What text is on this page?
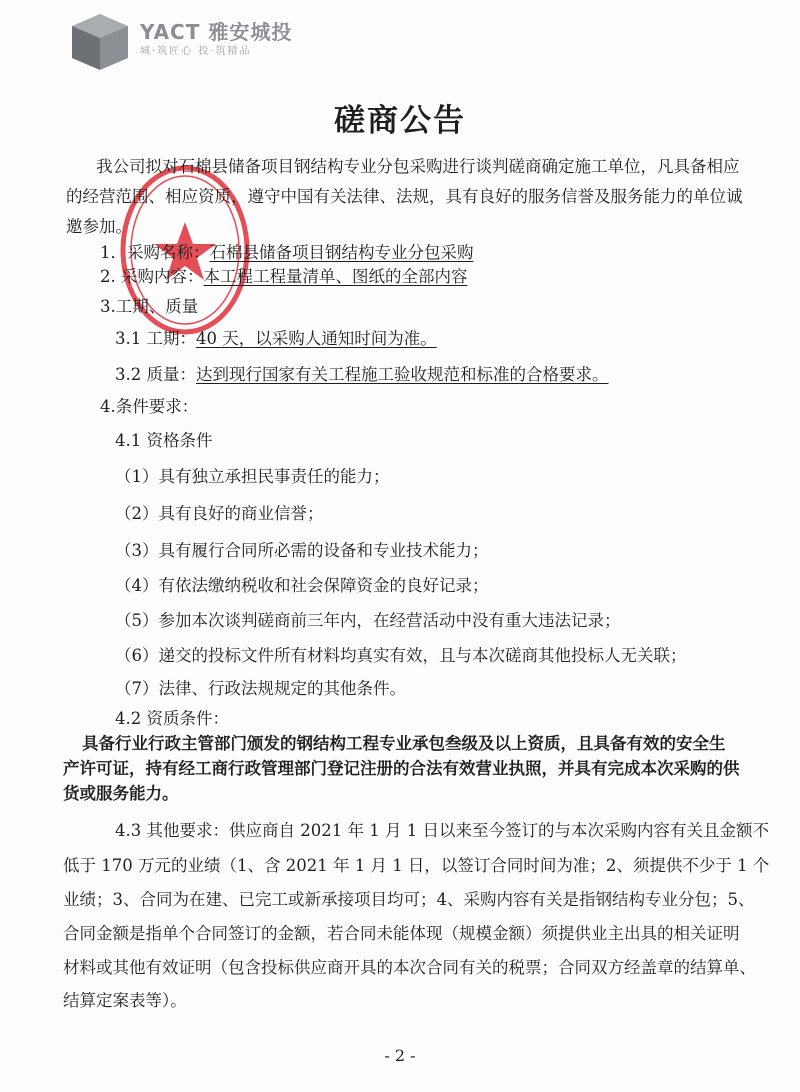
YACT 雅安城投
城·筑匠心 投·筑精品
磋商公告
我公司拟对石棉县储备项目钢结构专业分包采购进行谈判磋商确定施工单位，凡具备相应
的经营范围、相应资质，遵守中国有关法律、法规，具有良好的服务信誉及服务能力的单位诚
邀参加。
1．采购名称：石棉县储备项目钢结构专业分包采购
2. 采购内容：本工程工程量清单、图纸的全部内容
3.工期、质量
3.1 工期：40 天，以采购人通知时间为准。
3.2 质量：达到现行国家有关工程施工验收规范和标准的合格要求。
4.条件要求：
4.1 资格条件
（1）具有独立承担民事责任的能力；
（2）具有良好的商业信誉；
（3）具有履行合同所必需的设备和专业技术能力；
（4）有依法缴纳税收和社会保障资金的良好记录；
（5）参加本次谈判磋商前三年内，在经营活动中没有重大违法记录；
（6）递交的投标文件所有材料均真实有效，且与本次磋商其他投标人无关联；
（7）法律、行政法规规定的其他条件。
4.2 资质条件：
具备行业行政主管部门颁发的钢结构工程专业承包叁级及以上资质，且具备有效的安全生
产许可证，持有经工商行政管理部门登记注册的合法有效营业执照，并具有完成本次采购的供
货或服务能力。
4.3 其他要求：供应商自 2021 年 1 月 1 日以来至今签订的与本次采购内容有关且金额不
低于 170 万元的业绩（1、含 2021 年 1 月 1 日，以签订合同时间为准；2、须提供不少于 1 个
业绩；3、合同为在建、已完工或新承接项目均可；4、采购内容有关是指钢结构专业分包；5、
合同金额是指单个合同签订的金额，若合同未能体现（规模金额）须提供业主出具的相关证明
材料或其他有效证明（包含投标供应商开具的本次合同有关的税票；合同双方经盖章的结算单、
结算定案表等）。
- 2 -
